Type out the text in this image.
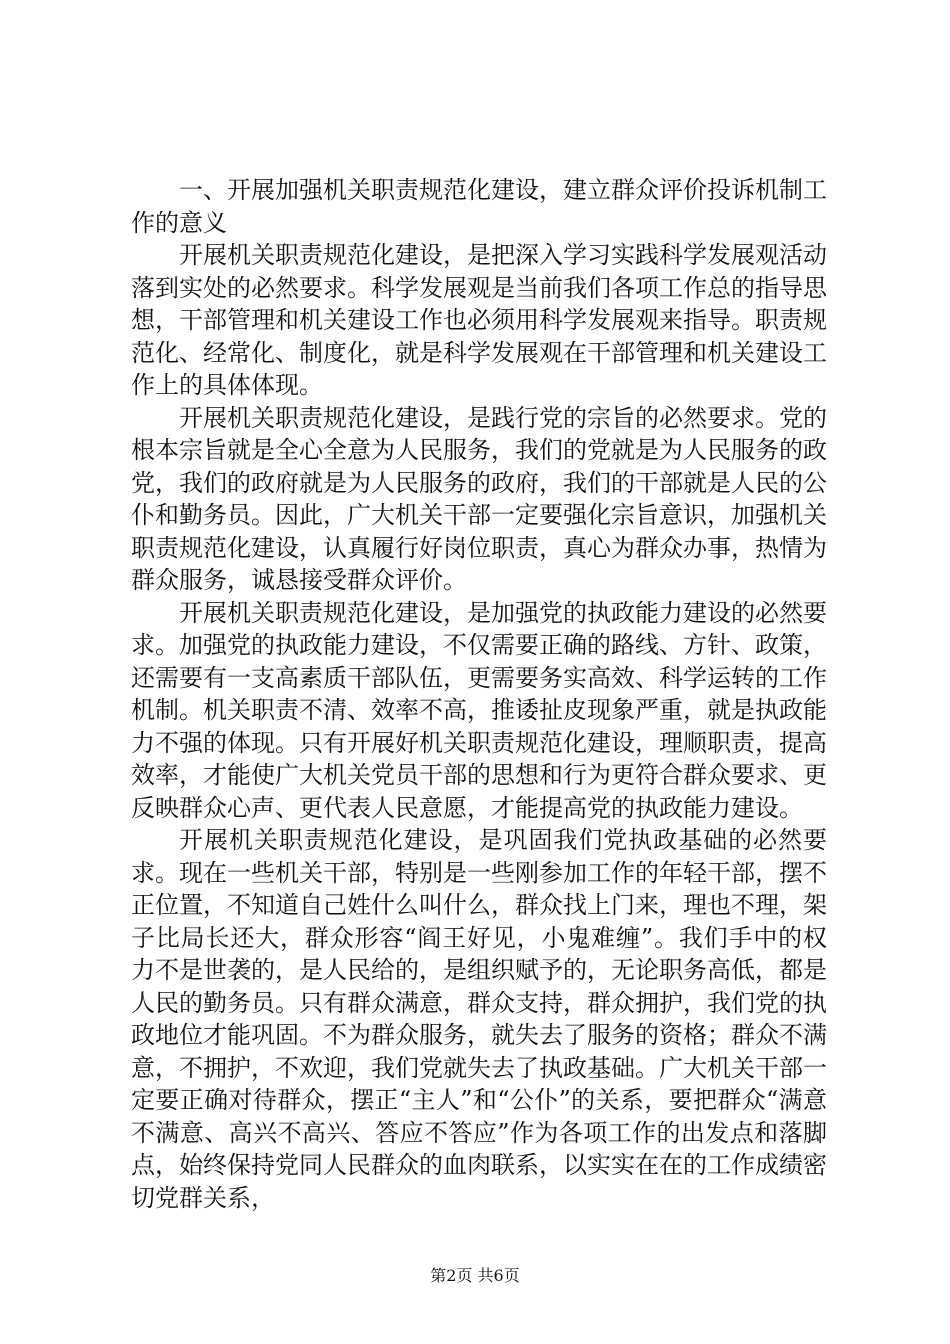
一、开展加强机关职责规范化建设，建立群众评价投诉机制工作的意义

开展机关职责规范化建设，是把深入学习实践科学发展观活动落到实处的必然要求。科学发展观是当前我们各项工作总的指导思想，干部管理和机关建设工作也必须用科学发展观来指导。职责规范化、经常化、制度化，就是科学发展观在干部管理和机关建设工作上的具体体现。

开展机关职责规范化建设，是践行党的宗旨的必然要求。党的根本宗旨就是全心全意为人民服务，我们的党就是为人民服务的政党，我们的政府就是为人民服务的政府，我们的干部就是人民的公仆和勤务员。因此，广大机关干部一定要强化宗旨意识，加强机关职责规范化建设，认真履行好岗位职责，真心为群众办事，热情为群众服务，诚恳接受群众评价。

开展机关职责规范化建设，是加强党的执政能力建设的必然要求。加强党的执政能力建设，不仅需要正确的路线、方针、政策，还需要有一支高素质干部队伍，更需要务实高效、科学运转的工作机制。机关职责不清、效率不高，推诿扯皮现象严重，就是执政能力不强的体现。只有开展好机关职责规范化建设，理顺职责，提高效率，才能使广大机关党员干部的思想和行为更符合群众要求、更反映群众心声、更代表人民意愿，才能提高党的执政能力建设。

开展机关职责规范化建设，是巩固我们党执政基础的必然要求。现在一些机关干部，特别是一些刚参加工作的年轻干部，摆不正位置，不知道自己姓什么叫什么，群众找上门来，理也不理，架子比局长还大，群众形容“阎王好见，小鬼难缠”。我们手中的权力不是世袭的，是人民给的，是组织赋予的，无论职务高低，都是人民的勤务员。只有群众满意，群众支持，群众拥护，我们党的执政地位才能巩固。不为群众服务，就失去了服务的资格；群众不满意，不拥护，不欢迎，我们党就失去了执政基础。广大机关干部一定要正确对待群众，摆正“主人”和“公仆”的关系，要把群众“满意不满意、高兴不高兴、答应不答应”作为各项工作的出发点和落脚点，始终保持党同人民群众的血肉联系，以实实在在的工作成绩密切党群关系，

第2页 共6页
